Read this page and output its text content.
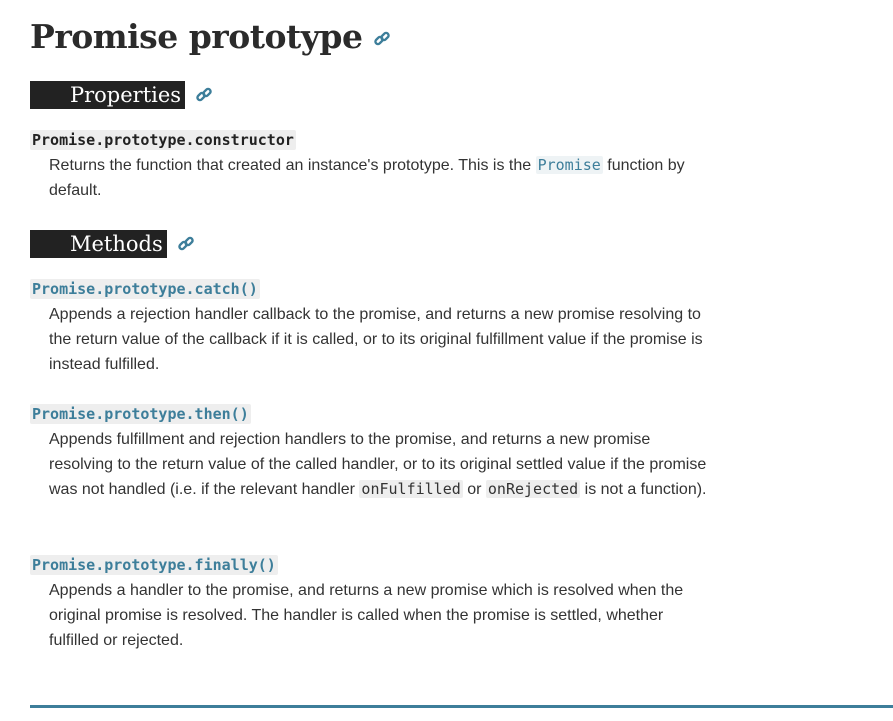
Promise prototype
Properties
Promise.prototype.constructor

Returns the function that created an instance's prototype. This is the Promise function by default.

Methods
Promise.prototype.catch()

Appends a rejection handler callback to the promise, and returns a new promise resolving to the return value of the callback if it is called, or to its original fulfillment value if the promise is instead fulfilled.

Promise.prototype.then()

Appends fulfillment and rejection handlers to the promise, and returns a new promise resolving to the return value of the called handler, or to its original settled value if the promise was not handled (i.e. if the relevant handler onFulfilled or onRejected is not a function).

Promise.prototype.finally()

Appends a handler to the promise, and returns a new promise which is resolved when the original promise is resolved. The handler is called when the promise is settled, whether fulfilled or rejected.
